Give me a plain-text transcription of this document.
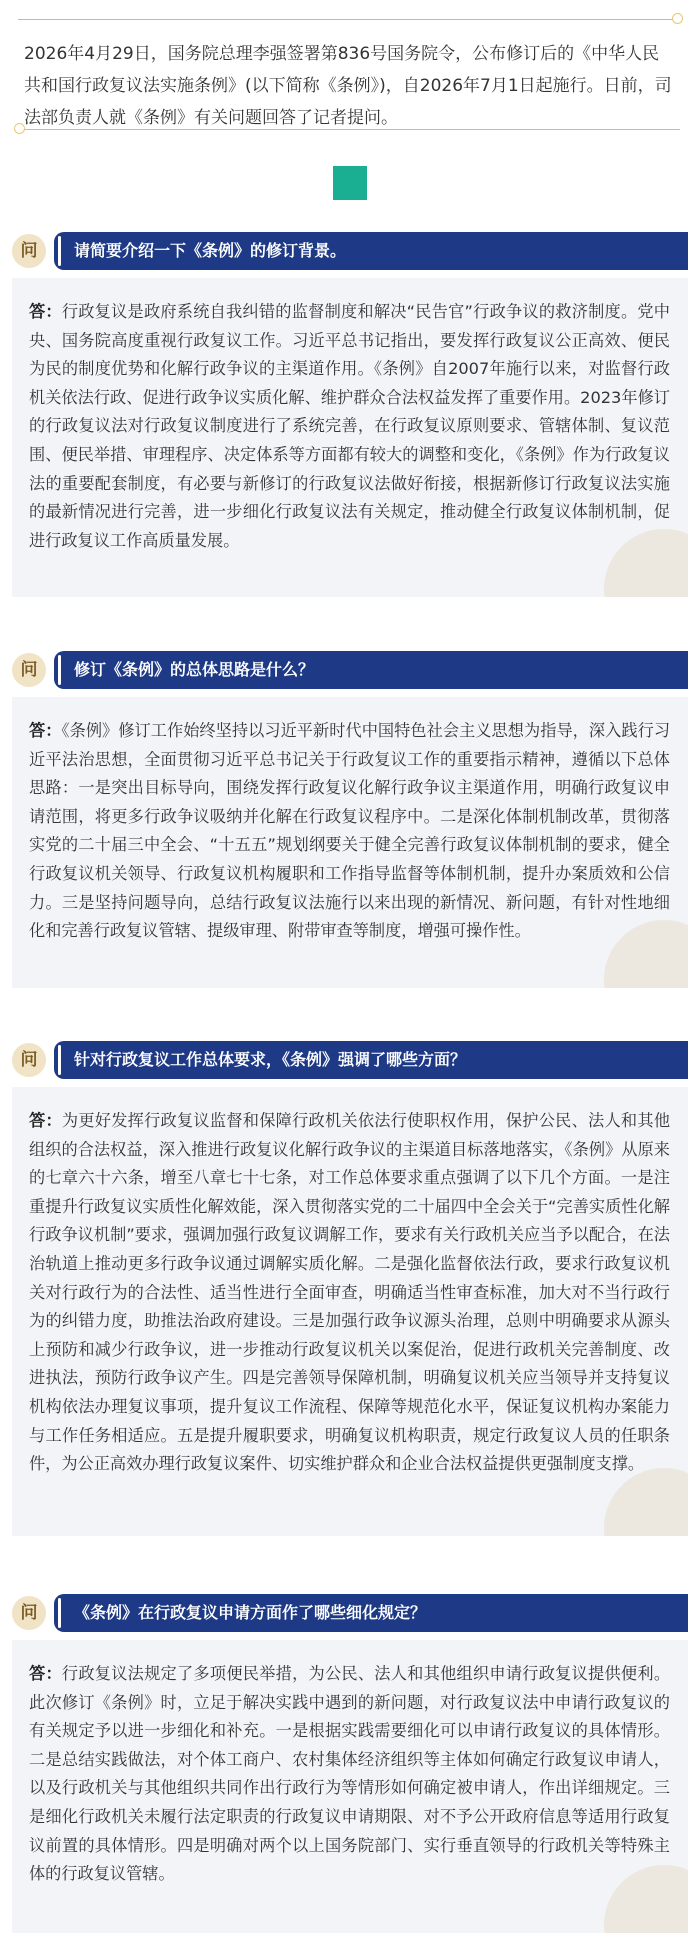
2026年4月29日，国务院总理李强签署第836号国务院令，公布修订后的《中华人民共和国行政复议法实施条例》(以下简称《条例》)，自2026年7月1日起施行。日前，司法部负责人就《条例》有关问题回答了记者提问。

问	请简要介绍一下《条例》的修订背景。

答：行政复议是政府系统自我纠错的监督制度和解决“民告官”行政争议的救济制度。党中央、国务院高度重视行政复议工作。习近平总书记指出，要发挥行政复议公正高效、便民为民的制度优势和化解行政争议的主渠道作用。《条例》自2007年施行以来，对监督行政机关依法行政、促进行政争议实质化解、维护群众合法权益发挥了重要作用。2023年修订的行政复议法对行政复议制度进行了系统完善，在行政复议原则要求、管辖体制、复议范围、便民举措、审理程序、决定体系等方面都有较大的调整和变化，《条例》作为行政复议法的重要配套制度，有必要与新修订的行政复议法做好衔接，根据新修订行政复议法实施的最新情况进行完善，进一步细化行政复议法有关规定，推动健全行政复议体制机制，促进行政复议工作高质量发展。

问	修订《条例》的总体思路是什么？

答：《条例》修订工作始终坚持以习近平新时代中国特色社会主义思想为指导，深入践行习近平法治思想，全面贯彻习近平总书记关于行政复议工作的重要指示精神，遵循以下总体思路：一是突出目标导向，围绕发挥行政复议化解行政争议主渠道作用，明确行政复议申请范围，将更多行政争议吸纳并化解在行政复议程序中。二是深化体制机制改革，贯彻落实党的二十届三中全会、“十五五”规划纲要关于健全完善行政复议体制机制的要求，健全行政复议机关领导、行政复议机构履职和工作指导监督等体制机制，提升办案质效和公信力。三是坚持问题导向，总结行政复议法施行以来出现的新情况、新问题，有针对性地细化和完善行政复议管辖、提级审理、附带审查等制度，增强可操作性。

问	针对行政复议工作总体要求，《条例》强调了哪些方面？

答：为更好发挥行政复议监督和保障行政机关依法行使职权作用，保护公民、法人和其他组织的合法权益，深入推进行政复议化解行政争议的主渠道目标落地落实，《条例》从原来的七章六十六条，增至八章七十七条，对工作总体要求重点强调了以下几个方面。一是注重提升行政复议实质性化解效能，深入贯彻落实党的二十届四中全会关于“完善实质性化解行政争议机制”要求，强调加强行政复议调解工作，要求有关行政机关应当予以配合，在法治轨道上推动更多行政争议通过调解实质化解。二是强化监督依法行政，要求行政复议机关对行政行为的合法性、适当性进行全面审查，明确适当性审查标准，加大对不当行政行为的纠错力度，助推法治政府建设。三是加强行政争议源头治理，总则中明确要求从源头上预防和减少行政争议，进一步推动行政复议机关以案促治，促进行政机关完善制度、改进执法，预防行政争议产生。四是完善领导保障机制，明确复议机关应当领导并支持复议机构依法办理复议事项，提升复议工作流程、保障等规范化水平，保证复议机构办案能力与工作任务相适应。五是提升履职要求，明确复议机构职责，规定行政复议人员的任职条件，为公正高效办理行政复议案件、切实维护群众和企业合法权益提供更强制度支撑。

问	《条例》在行政复议申请方面作了哪些细化规定？

答：行政复议法规定了多项便民举措，为公民、法人和其他组织申请行政复议提供便利。此次修订《条例》时，立足于解决实践中遇到的新问题，对行政复议法中申请行政复议的有关规定予以进一步细化和补充。一是根据实践需要细化可以申请行政复议的具体情形。二是总结实践做法，对个体工商户、农村集体经济组织等主体如何确定行政复议申请人，以及行政机关与其他组织共同作出行政行为等情形如何确定被申请人，作出详细规定。三是细化行政机关未履行法定职责的行政复议申请期限、对不予公开政府信息等适用行政复议前置的具体情形。四是明确对两个以上国务院部门、实行垂直领导的行政机关等特殊主体的行政复议管辖。
